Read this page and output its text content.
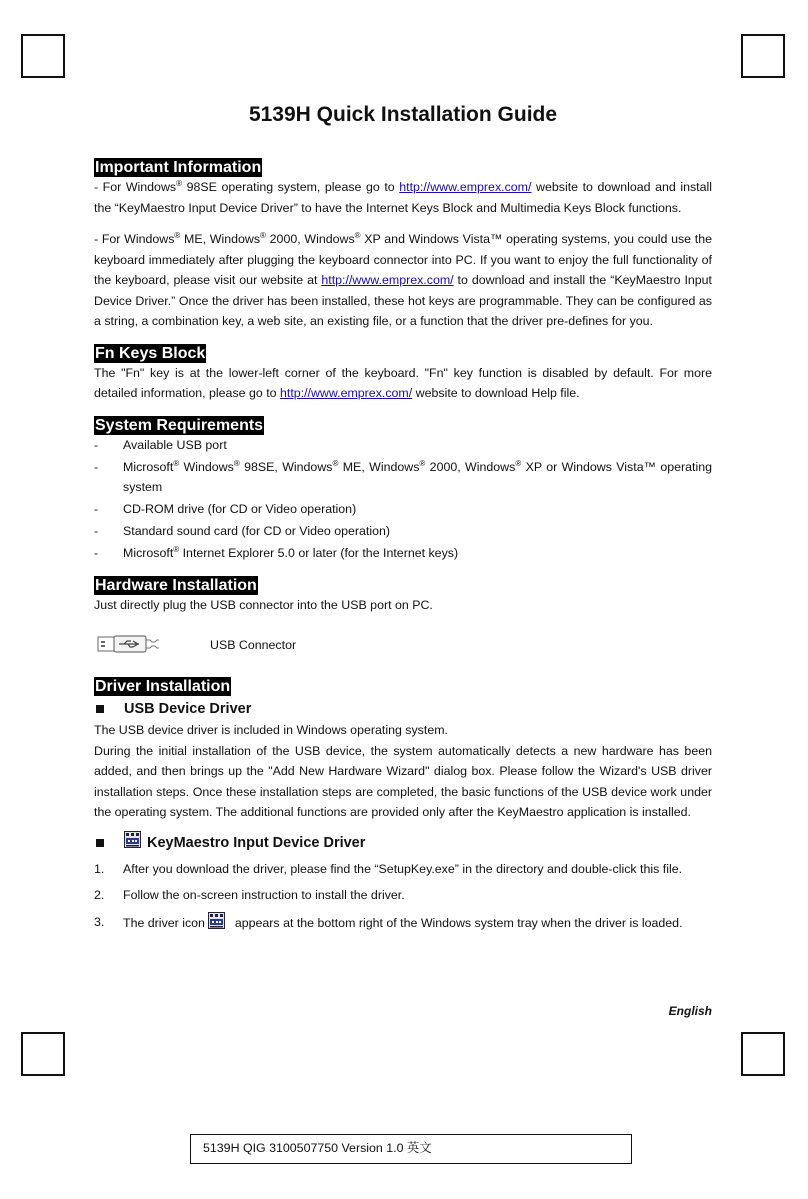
5139H Quick Installation Guide
Important Information

- For Windows® 98SE operating system, please go to http://www.emprex.com/ website to download and install the “KeyMaestro Input Device Driver” to have the Internet Keys Block and Multimedia Keys Block functions.

- For Windows® ME, Windows® 2000, Windows® XP and Windows Vista™ operating systems, you could use the keyboard immediately after plugging the keyboard connector into PC. If you want to enjoy the full functionality of the keyboard, please visit our website at http://www.emprex.com/ to download and install the “KeyMaestro Input Device Driver.” Once the driver has been installed, these hot keys are programmable. They can be configured as a string, a combination key, a web site, an existing file, or a function that the driver pre-defines for you.

Fn Keys Block

The "Fn" key is at the lower-left corner of the keyboard. "Fn" key function is disabled by default. For more detailed information, please go to http://www.emprex.com/ website to download Help file.

System Requirements
-	Available USB port
-	Microsoft® Windows® 98SE, Windows® ME, Windows® 2000, Windows® XP or Windows Vista™ operating system
-	CD-ROM drive (for CD or Video operation)
-	Standard sound card (for CD or Video operation)
-	Microsoft® Internet Explorer 5.0 or later (for the Internet keys)
Hardware Installation

Just directly plug the USB connector into the USB port on PC.

USB Connector
Driver Installation
USB Device Driver

The USB device driver is included in Windows operating system.

During the initial installation of the USB device, the system automatically detects a new hardware has been added, and then brings up the "Add New Hardware Wizard" dialog box. Please follow the Wizard's USB driver installation steps. Once these installation steps are completed, the basic functions of the USB device work under the operating system. The additional functions are provided only after the KeyMaestro application is installed.

KeyMaestro Input Device Driver
1.	After you download the driver, please find the “SetupKey.exe” in the directory and double-click this file.
2.	Follow the on-screen instruction to install the driver.
3.	The driver icon  appears at the bottom right of the Windows system tray when the driver is loaded.
English
5139H QIG 3100507750 Version 1.0 英文
